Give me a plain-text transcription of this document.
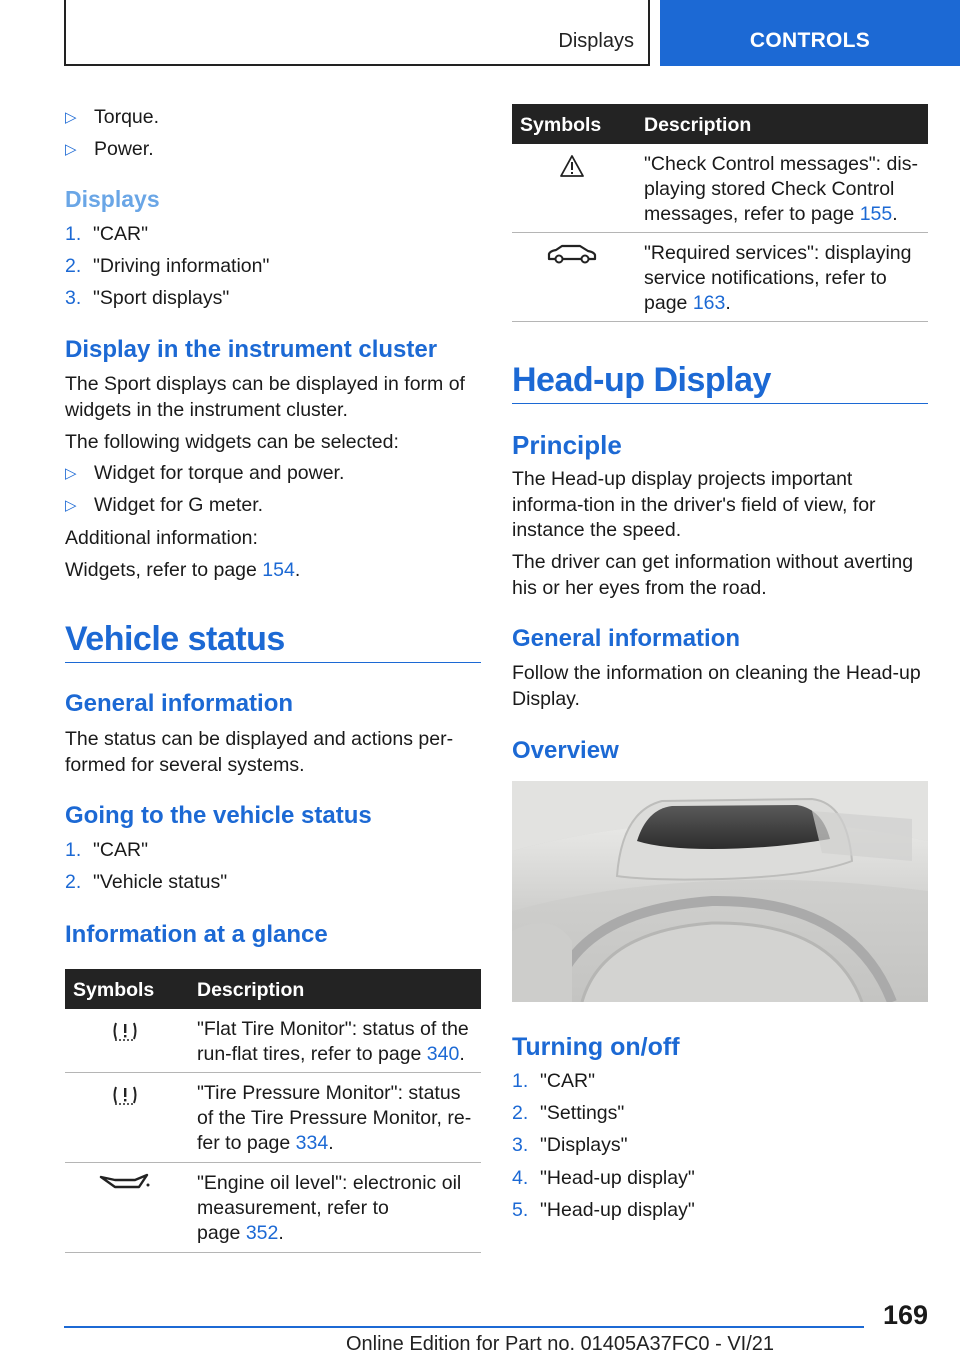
Displays	CONTROLS
▷ Torque.
▷ Power.
Displays
1. "CAR"
2. "Driving information"
3. "Sport displays"
Display in the instrument cluster
The Sport displays can be displayed in form of widgets in the instrument cluster.
The following widgets can be selected:
▷ Widget for torque and power.
▷ Widget for G meter.
Additional information:
Widgets, refer to page 154.
Vehicle status
General information
The status can be displayed and actions per-formed for several systems.
Going to the vehicle status
1. "CAR"
2. "Vehicle status"
Information at a glance
Symbols Description
"Flat Tire Monitor": status of the
run-flat tires, refer to page 340.
"Tire Pressure Monitor": status
of the Tire Pressure Monitor, re-
fer to page 334.
"Engine oil level": electronic oil
measurement, refer to
page 352.
Symbols Description
"Check Control messages": dis-
playing stored Check Control
messages, refer to page 155.
"Required services": displaying
service notifications, refer to
page 163.
Head-up Display
Principle
The Head-up display projects important informa-tion in the driver's field of view, for instance the speed.
The driver can get information without averting his or her eyes from the road.
General information
Follow the information on cleaning the Head-up Display.
Overview
Turning on/off
1. "CAR"
2. "Settings"
3. "Displays"
4. "Head-up display"
5. "Head-up display"
169
Online Edition for Part no. 01405A37FC0 - VI/21
